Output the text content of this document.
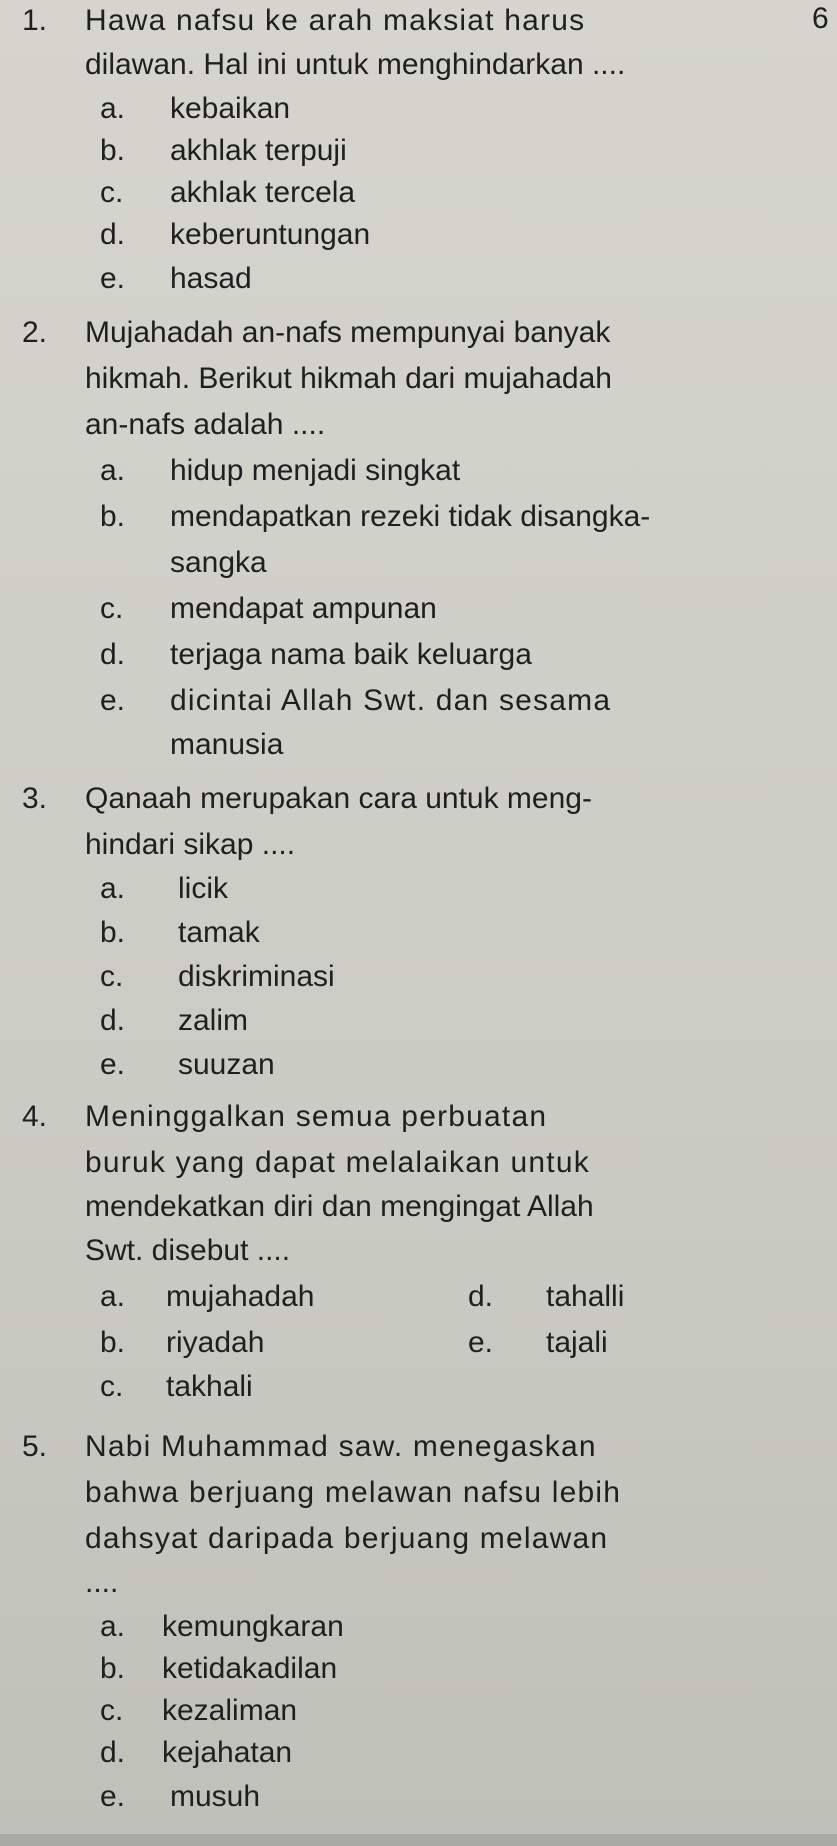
6
1. Hawa nafsu ke arah maksiat harus
dilawan. Hal ini untuk menghindarkan ....
a. kebaikan
b. akhlak terpuji
c. akhlak tercela
d. keberuntungan
e. hasad
2. Mujahadah an-nafs mempunyai banyak
hikmah. Berikut hikmah dari mujahadah
an-nafs adalah ....
a. hidup menjadi singkat
b. mendapatkan rezeki tidak disangka-
sangka
c. mendapat ampunan
d. terjaga nama baik keluarga
e. dicintai Allah Swt. dan sesama
manusia
3. Qanaah merupakan cara untuk meng-
hindari sikap ....
a. licik
b. tamak
c. diskriminasi
d. zalim
e. suuzan
4. Meninggalkan semua perbuatan
buruk yang dapat melalaikan untuk
mendekatkan diri dan mengingat Allah
Swt. disebut ....
a. mujahadah	d. tahalli
b. riyadah	e. tajali
c. takhali
5. Nabi Muhammad saw. menegaskan
bahwa berjuang melawan nafsu lebih
dahsyat daripada berjuang melawan
....
a. kemungkaran
b. ketidakadilan
c. kezaliman
d. kejahatan
e. musuh
